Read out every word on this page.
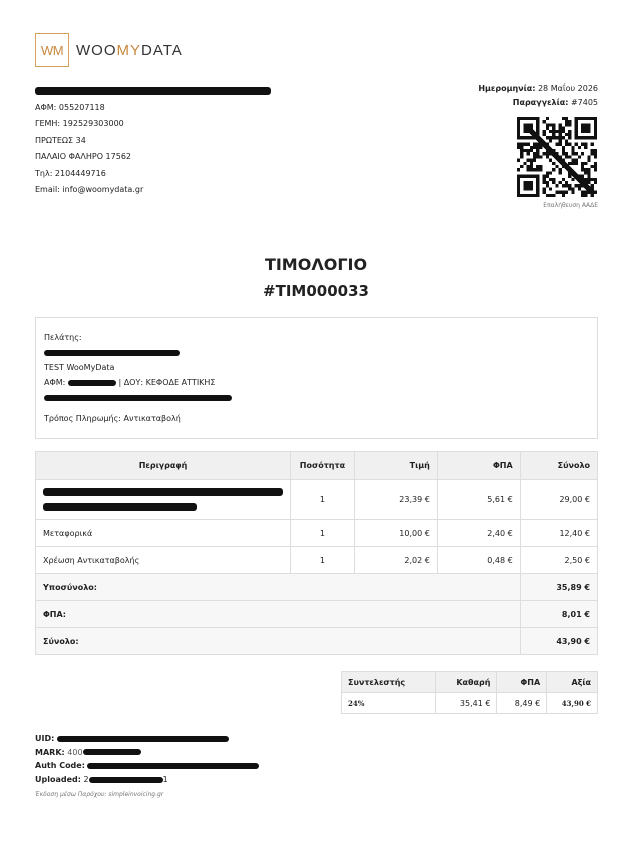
WM WOOMYDATA
ΑΦΜ: 055207118
ΓΕΜΗ: 192529303000
ΠΡΩΤΕΩΣ 34
ΠΑΛΑΙΟ ΦΑΛΗΡΟ 17562
Τηλ: 2104449716
Email: info@woomydata.gr
Ημερομηνία: 28 Μαΐου 2026
Παραγγελία: #7405
Επαλήθευση ΑΑΔΕ
ΤΙΜΟΛΟΓΙΟ
#TIM000033
Πελάτης:
TEST WooMyData
ΑΦΜ:	| ΔΟΥ: ΚΕΦΟΔΕ ΑΤΤΙΚΗΣ
Τρόπος Πληρωμής: Αντικαταβολή
Περιγραφή	Ποσότητα	Τιμή	ΦΠΑ	Σύνολο

	1	23,39 €	5,61 €	29,00 €
Μεταφορικά	1	10,00 €	2,40 €	12,40 €
Χρέωση Αντικαταβολής	1	2,02 €	0,48 €	2,50 €
Υποσύνολο:				35,89 €
ΦΠΑ:				8,01 €
Σύνολο:				43,90 €
Συντελεστής	Καθαρή	ΦΠΑ	Αξία
24%	35,41 €	8,49 €	43,90 €
UID:
MARK: 400
Auth Code:
Uploaded: 2	1
Έκδοση μέσω Παρόχου: simpleinvoicing.gr
